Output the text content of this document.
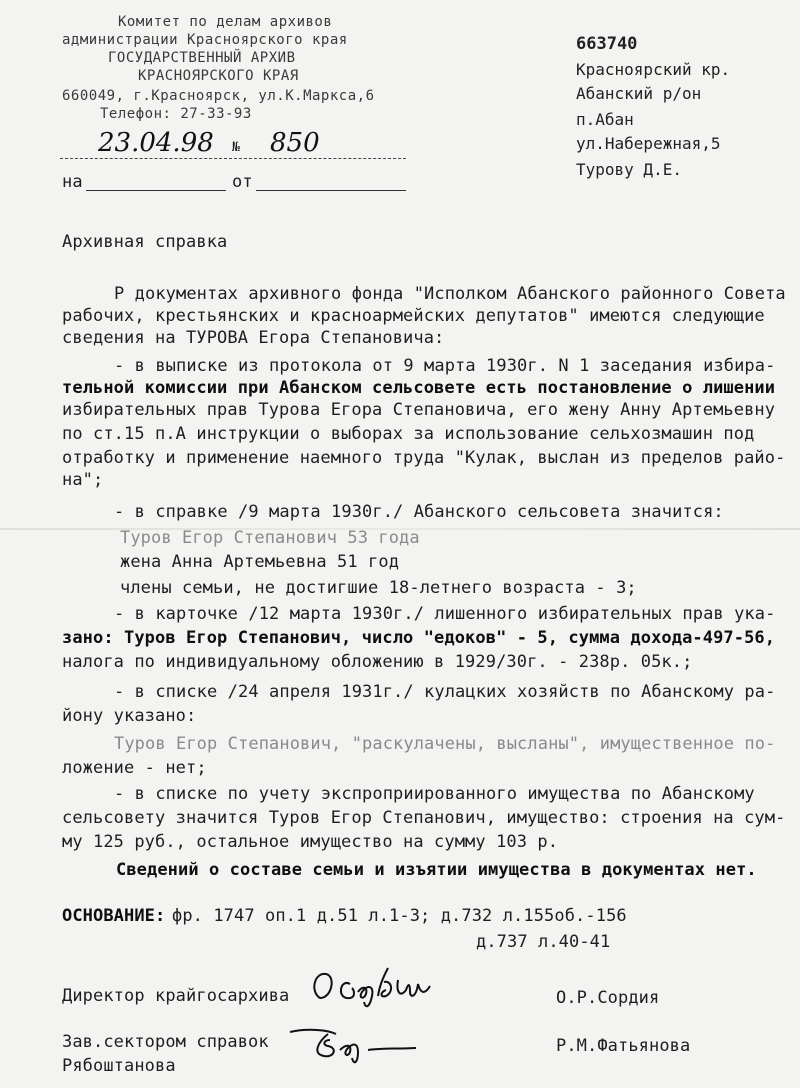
Комитет по делам архивов
администрации Красноярского края
ГОСУДАРСТВЕННЫЙ АРХИВ
КРАСНОЯРСКОГО КРАЯ
660049, г.Красноярск, ул.К.Маркса,6
Телефон: 27-33-93
23.04.98 № 850
на	от
663740
Красноярский кр.
Абанский р/он
п.Абан
ул.Набережная,5
Турову Д.Е.
Архивная справка
Р документах архивного фонда "Исполком Абанского районного Совета
рабочих, крестьянских и красноармейских депутатов" имеются следующие
сведения на ТУРОВА Егора Степановича:
- в выписке из протокола от 9 марта 1930г. N 1 заседания избира-
тельной комиссии при Абанском сельсовете есть постановление о лишении
избирательных прав Турова Егора Степановича, его жену Анну Артемьевну
по ст.15 п.А инструкции о выборах за использование сельхозмашин под
отработку и применение наемного труда "Кулак, выслан из пределов райо-
на";
- в справке /9 марта 1930г./ Абанского сельсовета значится:
Туров Егор Степанович 53 года
жена Анна Артемьевна 51 год
члены семьи, не достигшие 18-летнего возраста - 3;
- в карточке /12 марта 1930г./ лишенного избирательных прав ука-
зано: Туров Егор Степанович, число "едоков" - 5, сумма дохода-497-56,
налога по индивидуальному обложению в 1929/30г. - 238р. 05к.;
- в списке /24 апреля 1931г./ кулацких хозяйств по Абанскому ра-
йону указано:
Туров Егор Степанович, "раскулачены, высланы", имущественное по-
ложение - нет;
- в списке по учету экспроприированного имущества по Абанскому
сельсовету значится Туров Егор Степанович, имущество: строения на сум-
му 125 руб., остальное имущество на сумму 103 р.
Сведений о составе семьи и изъятии имущества в документах нет.
ОСНОВАНИЕ: фр. 1747 оп.1 д.51 л.1-3; д.732 л.155об.-156
д.737 л.40-41
Директор крайгосархива	О.Р.Сордия
Зав.сектором справок	Р.М.Фатьянова
Рябоштанова
